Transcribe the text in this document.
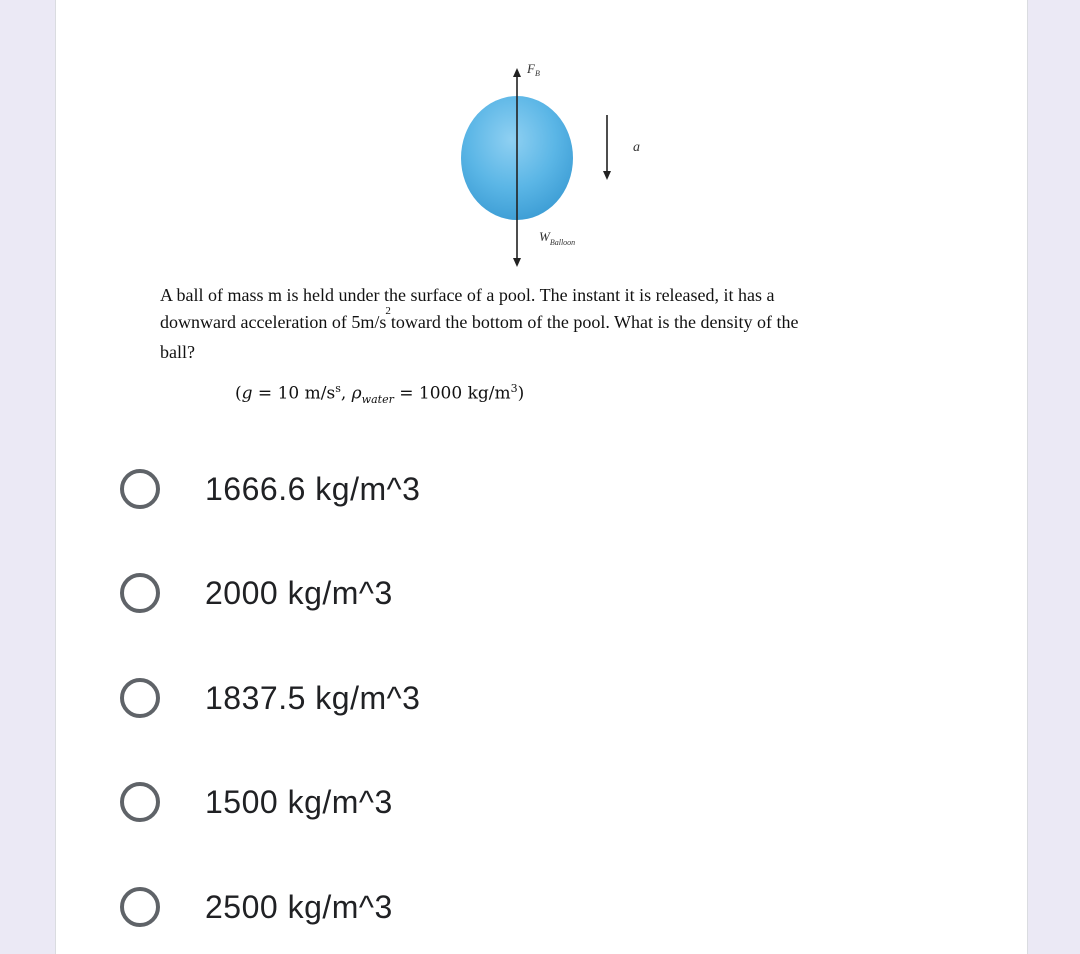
$F_B$
a
$W_{Balloon}$
A ball of mass m is held under the surface of a pool. The instant it is released, it has a
downward acceleration of 5m/s2 toward the bottom of the pool. What is the density of the
ball?
(g = 10 $m/s^s$, $\rho_{water} = 1000$ $kg/m^3$)
1666.6 kg/m^3
2000 kg/m^3
1837.5 kg/m^3
1500 kg/m^3
2500 kg/m^3
